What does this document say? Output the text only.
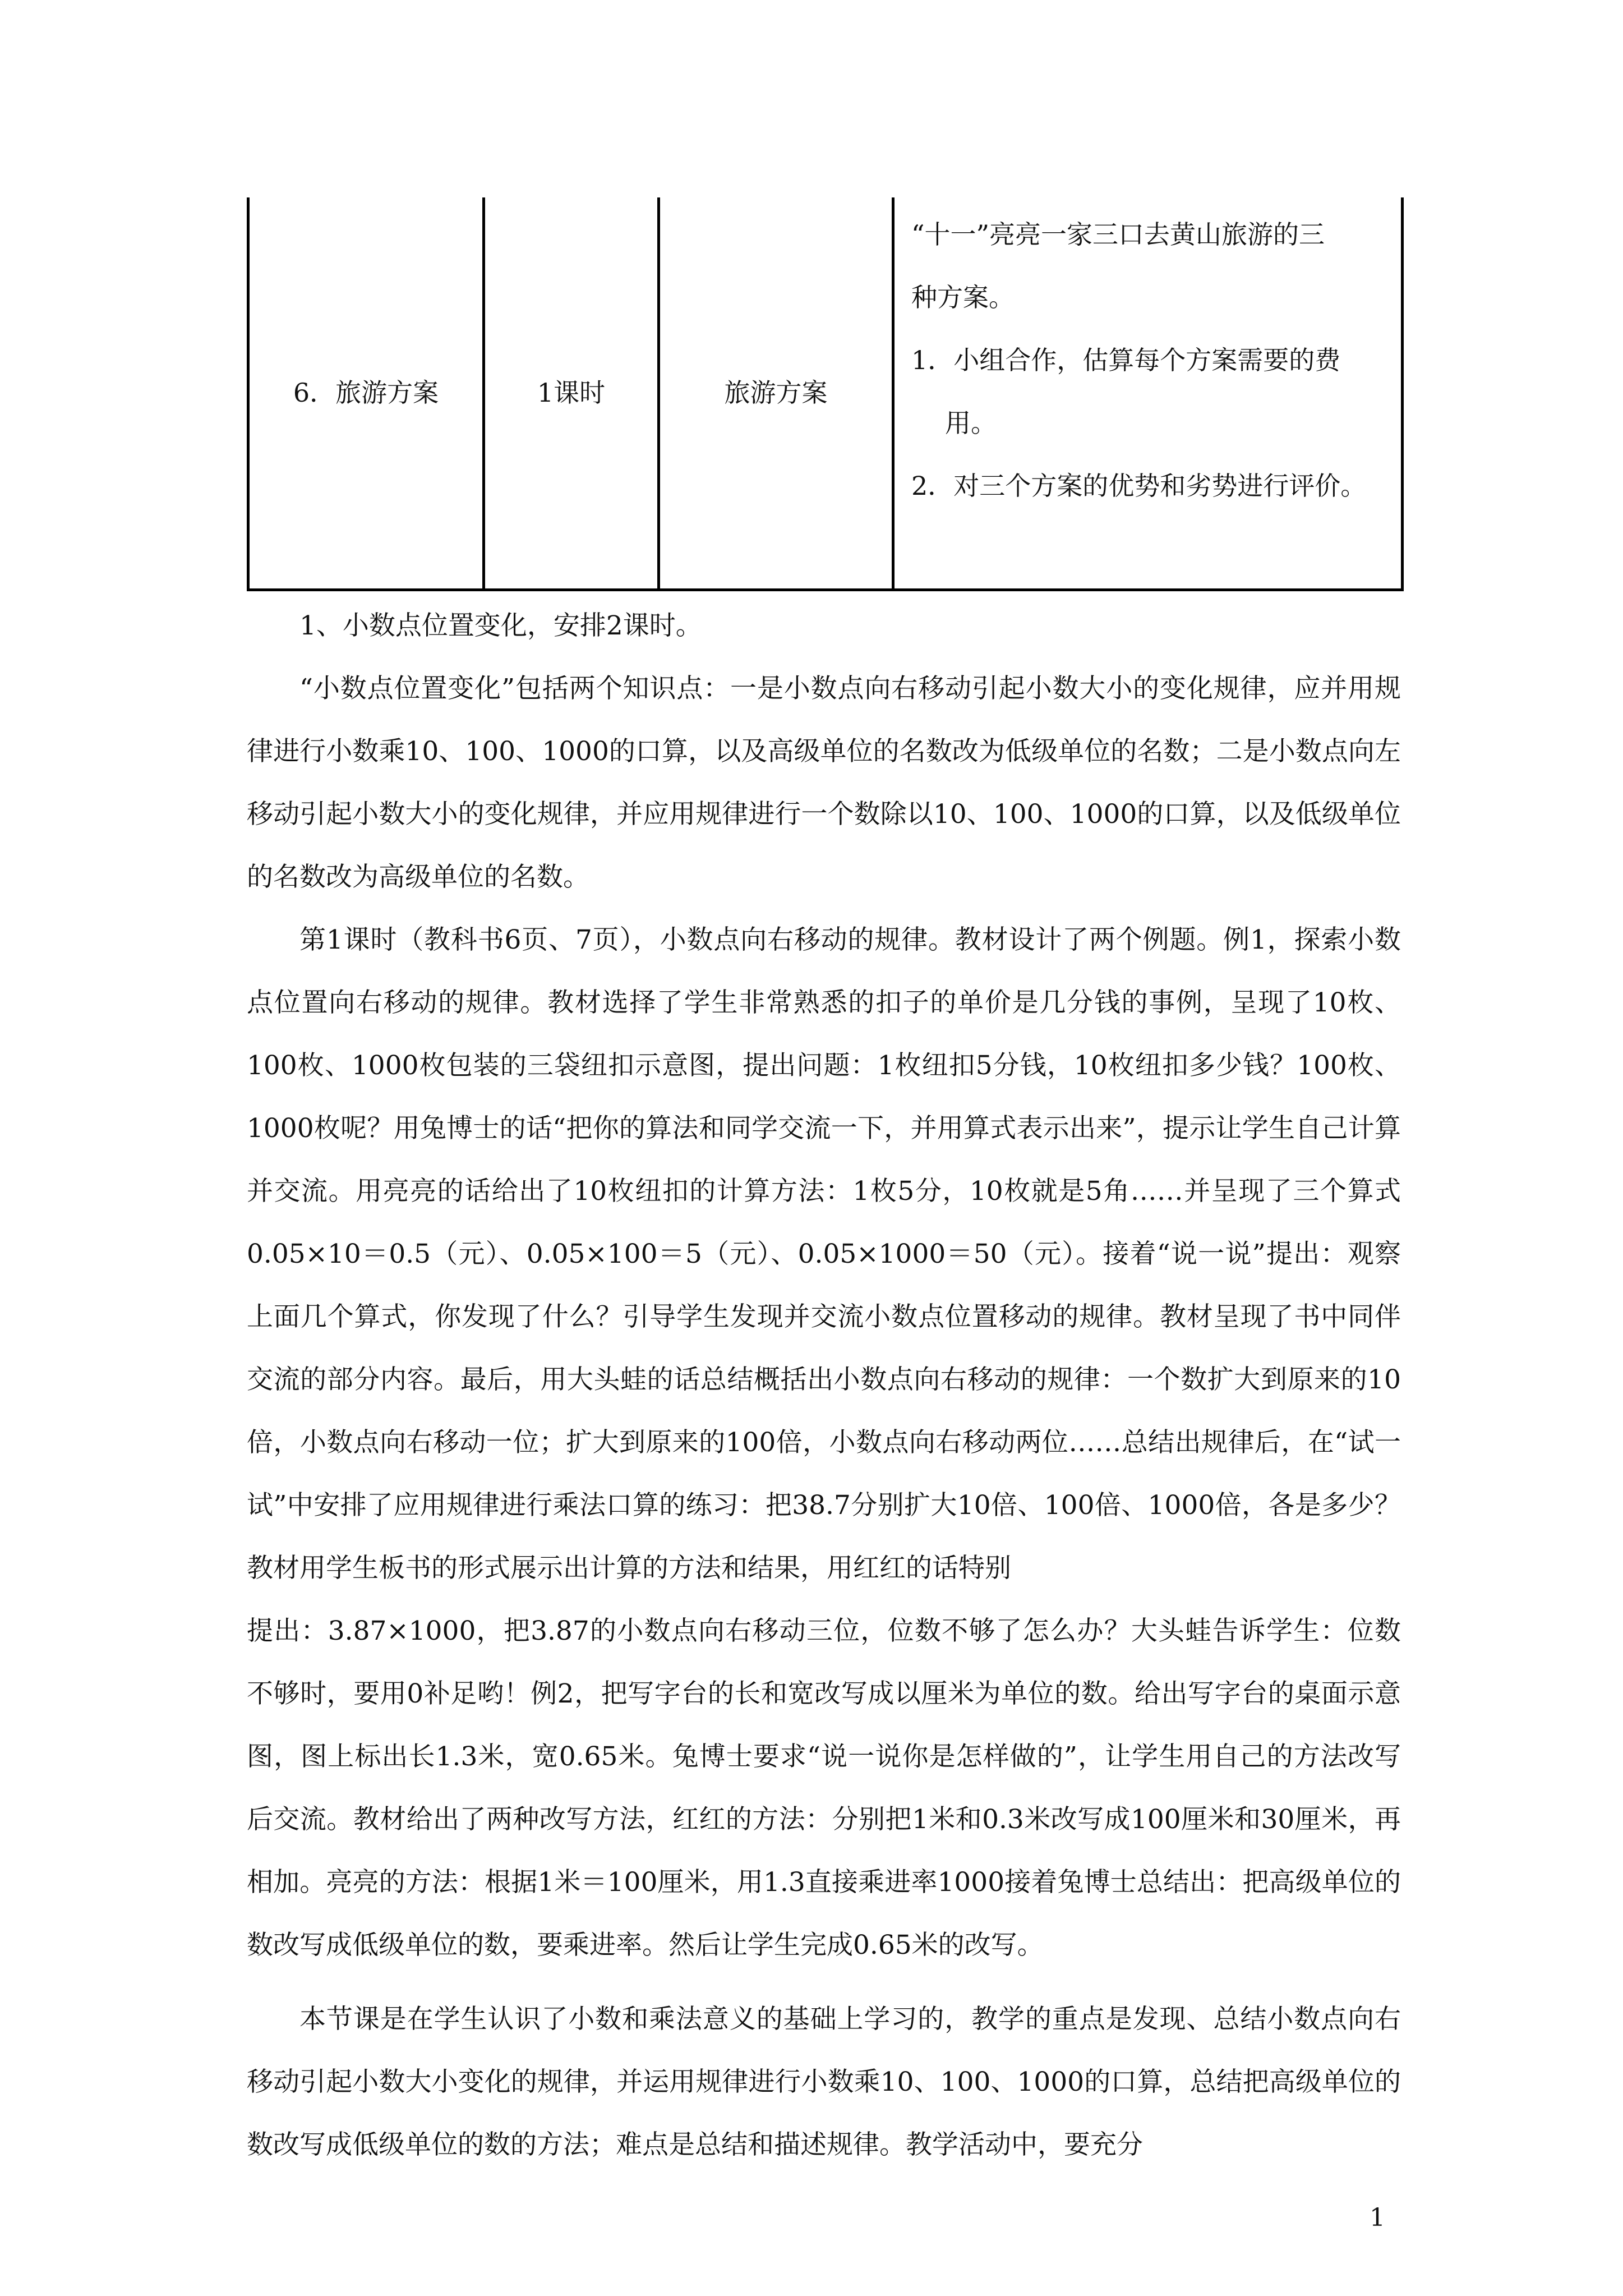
6．旅游方案	1课时	旅游方案	
“十一”亮亮一家三口去黄山旅游的三
种方案。
1．小组合作，估算每个方案需要的费
用。
2．对三个方案的优势和劣势进行评价。

1、小数点位置变化，安排2课时。

“小数点位置变化”包括两个知识点：一是小数点向右移动引起小数大小的变化规律，应并用规律进行小数乘10、100、1000的口算，以及高级单位的名数改为低级单位的名数；二是小数点向左移动引起小数大小的变化规律，并应用规律进行一个数除以10、100、1000的口算，以及低级单位的名数改为高级单位的名数。

第1课时（教科书6页、7页），小数点向右移动的规律。教材设计了两个例题。例1，探索小数点位置向右移动的规律。教材选择了学生非常熟悉的扣子的单价是几分钱的事例，呈现了10枚、100枚、1000枚包装的三袋纽扣示意图，提出问题：1枚纽扣5分钱，10枚纽扣多少钱？100枚、1000枚呢？用兔博士的话“把你的算法和同学交流一下，并用算式表示出来”，提示让学生自己计算并交流。用亮亮的话给出了10枚纽扣的计算方法：1枚5分，10枚就是5角……并呈现了三个算式0.05×10＝0.5（元）、0.05×100＝5（元）、0.05×1000＝50（元）。接着“说一说”提出：观察上面几个算式，你发现了什么？引导学生发现并交流小数点位置移动的规律。教材呈现了书中同伴交流的部分内容。最后，用大头蛙的话总结概括出小数点向右移动的规律：一个数扩大到原来的10倍，小数点向右移动一位；扩大到原来的100倍，小数点向右移动两位……总结出规律后，在“试一试”中安排了应用规律进行乘法口算的练习：把38.7分别扩大10倍、100倍、1000倍，各是多少？教材用学生板书的形式展示出计算的方法和结果，用红红的话特别

提出：3.87×1000，把3.87的小数点向右移动三位，位数不够了怎么办？大头蛙告诉学生：位数不够时，要用0补足哟！例2，把写字台的长和宽改写成以厘米为单位的数。给出写字台的桌面示意图，图上标出长1.3米，宽0.65米。兔博士要求“说一说你是怎样做的”，让学生用自己的方法改写后交流。教材给出了两种改写方法，红红的方法：分别把1米和0.3米改写成100厘米和30厘米，再相加。亮亮的方法：根据1米＝100厘米，用1.3直接乘进率1000接着兔博士总结出：把高级单位的数改写成低级单位的数，要乘进率。然后让学生完成0.65米的改写。

本节课是在学生认识了小数和乘法意义的基础上学习的，教学的重点是发现、总结小数点向右移动引起小数大小变化的规律，并运用规律进行小数乘10、100、1000的口算，总结把高级单位的数改写成低级单位的数的方法；难点是总结和描述规律。教学活动中，要充分

1
